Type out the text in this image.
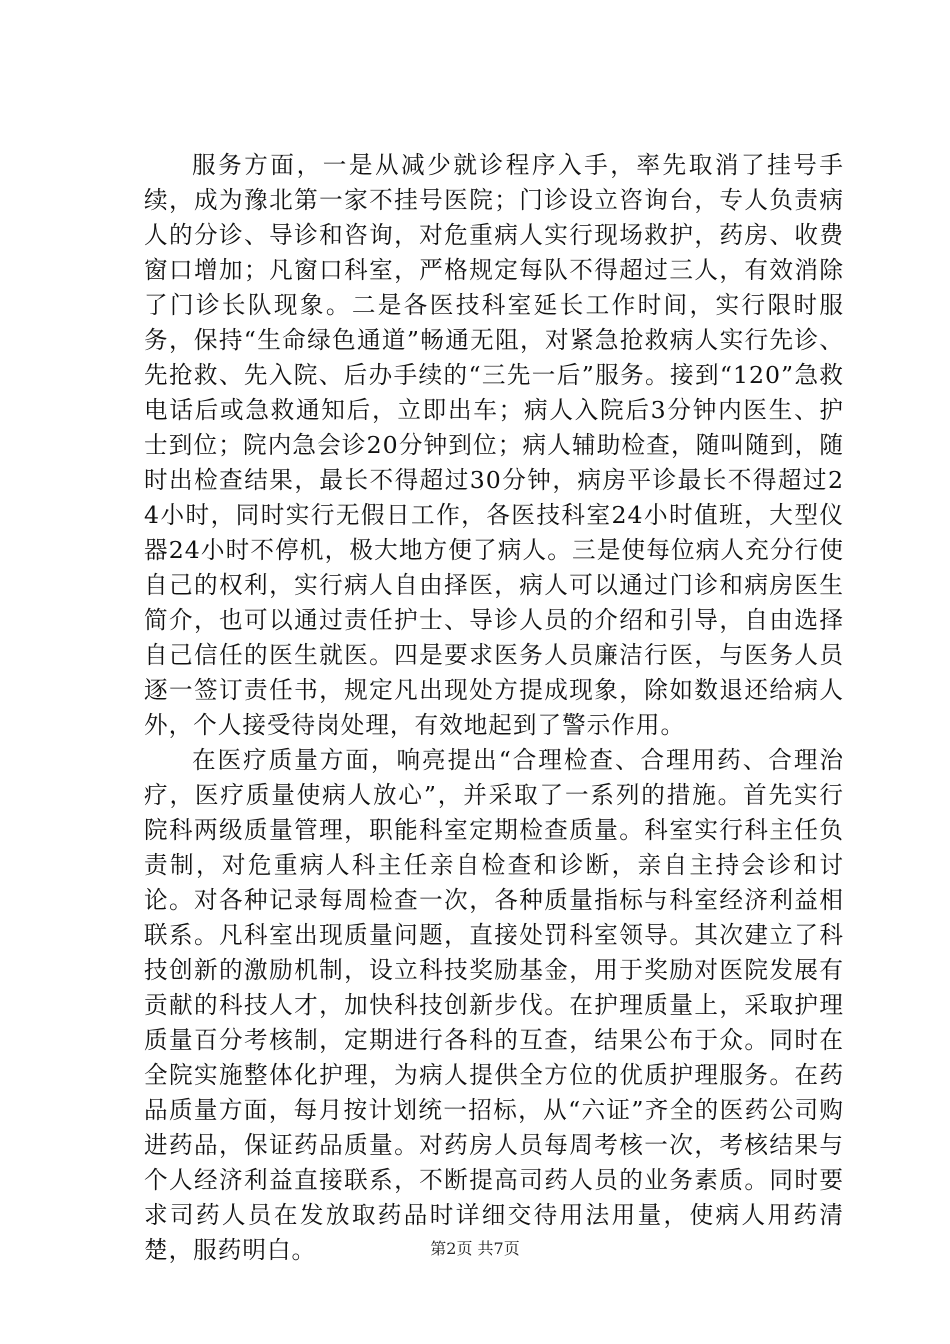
服务方面，一是从减少就诊程序入手，率先取消了挂号手续，成为豫北第一家不挂号医院；门诊设立咨询台，专人负责病人的分诊、导诊和咨询，对危重病人实行现场救护，药房、收费窗口增加；凡窗口科室，严格规定每队不得超过三人，有效消除了门诊长队现象。二是各医技科室延长工作时间，实行限时服务，保持“生命绿色通道”畅通无阻，对紧急抢救病人实行先诊、先抢救、先入院、后办手续的“三先一后”服务。接到“120”急救电话后或急救通知后，立即出车；病人入院后3分钟内医生、护士到位；院内急会诊20分钟到位；病人辅助检查，随叫随到，随时出检查结果，最长不得超过30分钟，病房平诊最长不得超过24小时，同时实行无假日工作，各医技科室24小时值班，大型仪器24小时不停机，极大地方便了病人。三是使每位病人充分行使自己的权利，实行病人自由择医，病人可以通过门诊和病房医生简介，也可以通过责任护士、导诊人员的介绍和引导，自由选择自己信任的医生就医。四是要求医务人员廉洁行医，与医务人员逐一签订责任书，规定凡出现处方提成现象，除如数退还给病人外，个人接受待岗处理，有效地起到了警示作用。

在医疗质量方面，响亮提出“合理检查、合理用药、合理治疗，医疗质量使病人放心”，并采取了一系列的措施。首先实行院科两级质量管理，职能科室定期检查质量。科室实行科主任负责制，对危重病人科主任亲自检查和诊断，亲自主持会诊和讨论。对各种记录每周检查一次，各种质量指标与科室经济利益相联系。凡科室出现质量问题，直接处罚科室领导。其次建立了科技创新的激励机制，设立科技奖励基金，用于奖励对医院发展有贡献的科技人才，加快科技创新步伐。在护理质量上，采取护理质量百分考核制，定期进行各科的互查，结果公布于众。同时在全院实施整体化护理，为病人提供全方位的优质护理服务。在药品质量方面，每月按计划统一招标，从“六证”齐全的医药公司购进药品，保证药品质量。对药房人员每周考核一次，考核结果与个人经济利益直接联系，不断提高司药人员的业务素质。同时要求司药人员在发放取药品时详细交待用法用量，使病人用药清楚，服药明白。	第2页 共7页
